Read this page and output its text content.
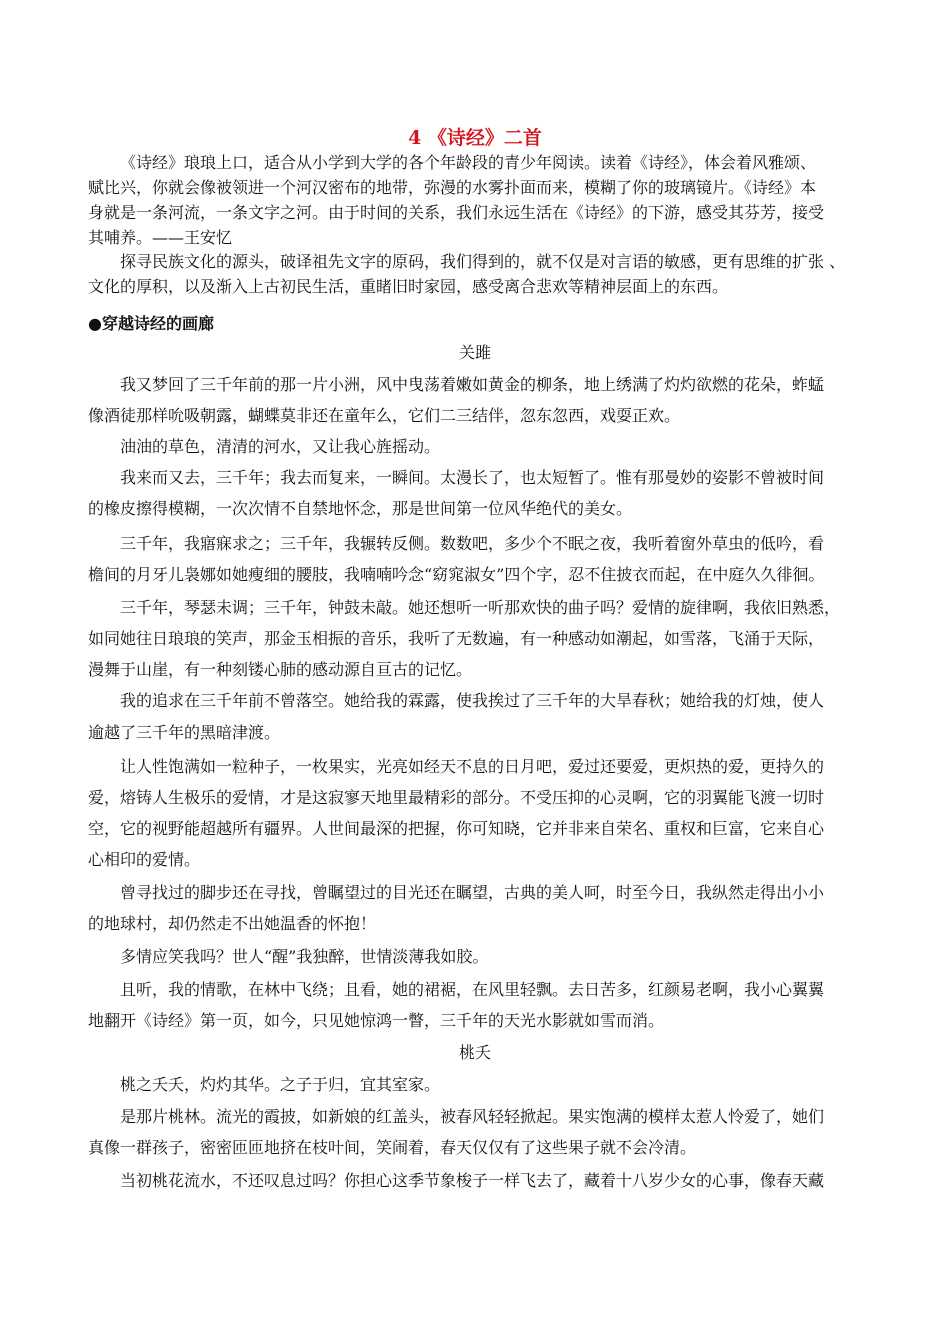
4 《诗经》二首
《诗经》琅琅上口，适合从小学到大学的各个年龄段的青少年阅读。读着《诗经》，体会着风雅颂、
赋比兴，你就会像被领进一个河汉密布的地带，弥漫的水雾扑面而来，模糊了你的玻璃镜片。《诗经》本
身就是一条河流，一条文字之河。由于时间的关系，我们永远生活在《诗经》的下游，感受其芬芳，接受
其哺养。——王安忆
探寻民族文化的源头，破译祖先文字的原码，我们得到的，就不仅是对言语的敏感，更有思维的扩张 、
文化的厚积，以及渐入上古初民生活，重睹旧时家园，感受离合悲欢等精神层面上的东西。
●穿越诗经的画廊
关雎
我又梦回了三千年前的那一片小洲，风中曳荡着嫩如黄金的柳条，地上绣满了灼灼欲燃的花朵，蚱蜢
像酒徒那样吮吸朝露，蝴蝶莫非还在童年么，它们二三结伴，忽东忽西，戏耍正欢。
油油的草色，清清的河水，又让我心旌摇动。
我来而又去，三千年；我去而复来，一瞬间。太漫长了，也太短暂了。惟有那曼妙的姿影不曾被时间
的橡皮擦得模糊，一次次情不自禁地怀念，那是世间第一位风华绝代的美女。
三千年，我寤寐求之；三千年，我辗转反侧。数数吧，多少个不眠之夜，我听着窗外草虫的低吟，看
檐间的月牙儿袅娜如她瘦细的腰肢，我喃喃吟念“窈窕淑女”四个字，忍不住披衣而起，在中庭久久徘徊。
三千年，琴瑟未调；三千年，钟鼓未敲。她还想听一听那欢快的曲子吗？爱情的旋律啊，我依旧熟悉，
如同她往日琅琅的笑声，那金玉相振的音乐，我听了无数遍，有一种感动如潮起，如雪落，飞涌于天际，
漫舞于山崖，有一种刻镂心肺的感动源自亘古的记忆。
我的追求在三千年前不曾落空。她给我的霖露，使我挨过了三千年的大旱春秋；她给我的灯烛，使人
逾越了三千年的黑暗津渡。
让人性饱满如一粒种子，一枚果实，光亮如经天不息的日月吧，爱过还要爱，更炽热的爱，更持久的
爱，熔铸人生极乐的爱情，才是这寂寥天地里最精彩的部分。不受压抑的心灵啊，它的羽翼能飞渡一切时
空，它的视野能超越所有疆界。人世间最深的把握，你可知晓，它并非来自荣名、重权和巨富，它来自心
心相印的爱情。
曾寻找过的脚步还在寻找，曾瞩望过的目光还在瞩望，古典的美人呵，时至今日，我纵然走得出小小
的地球村，却仍然走不出她温香的怀抱！
多情应笑我吗？世人“醒”我独醉，世情淡薄我如胶。
且听，我的情歌，在林中飞绕；且看，她的裙裾，在风里轻飘。去日苦多，红颜易老啊，我小心翼翼
地翻开《诗经》第一页，如今，只见她惊鸿一瞥，三千年的天光水影就如雪而消。
桃夭
桃之夭夭，灼灼其华。之子于归，宜其室家。
是那片桃林。流光的霞披，如新娘的红盖头，被春风轻轻掀起。果实饱满的模样太惹人怜爱了，她们
真像一群孩子，密密匝匝地挤在枝叶间，笑闹着，春天仅仅有了这些果子就不会冷清。
当初桃花流水，不还叹息过吗？你担心这季节象梭子一样飞去了，藏着十八岁少女的心事，像春天藏
